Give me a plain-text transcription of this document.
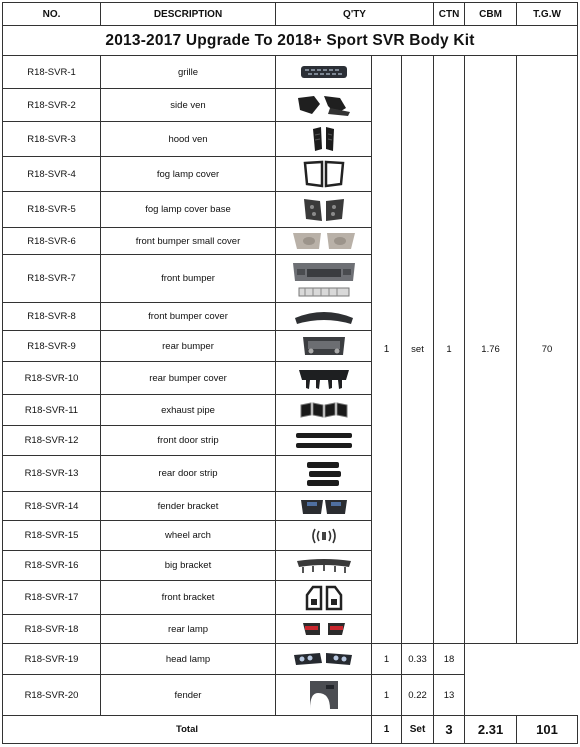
NO.	DESCRIPTION	Q'TY			CTN	CBM	T.G.W
2013-2017 Upgrade To 2018+ Sport SVR Body Kit							
R18-SVR-1	grille		1	set	1	1.76	70
R18-SVR-2	side ven	

R18-SVR-3	hood ven	

R18-SVR-4	fog lamp cover	

R18-SVR-5	fog lamp cover base	

R18-SVR-6	front bumper small cover	

R18-SVR-7	front bumper	

R18-SVR-8	front bumper cover	

R18-SVR-9	rear bumper	

R18-SVR-10	rear bumper cover	

R18-SVR-11	exhaust pipe	

R18-SVR-12	front door strip	

R18-SVR-13	rear door strip	

R18-SVR-14	fender bracket	

R18-SVR-15	wheel arch	

R18-SVR-16	big bracket	

R18-SVR-17	front bracket	

R18-SVR-18	rear lamp	

R18-SVR-19	head lamp		1	0.33	18		
R18-SVR-20	fender		1	0.22	13		
Total			1	Set	3	2.31	101
